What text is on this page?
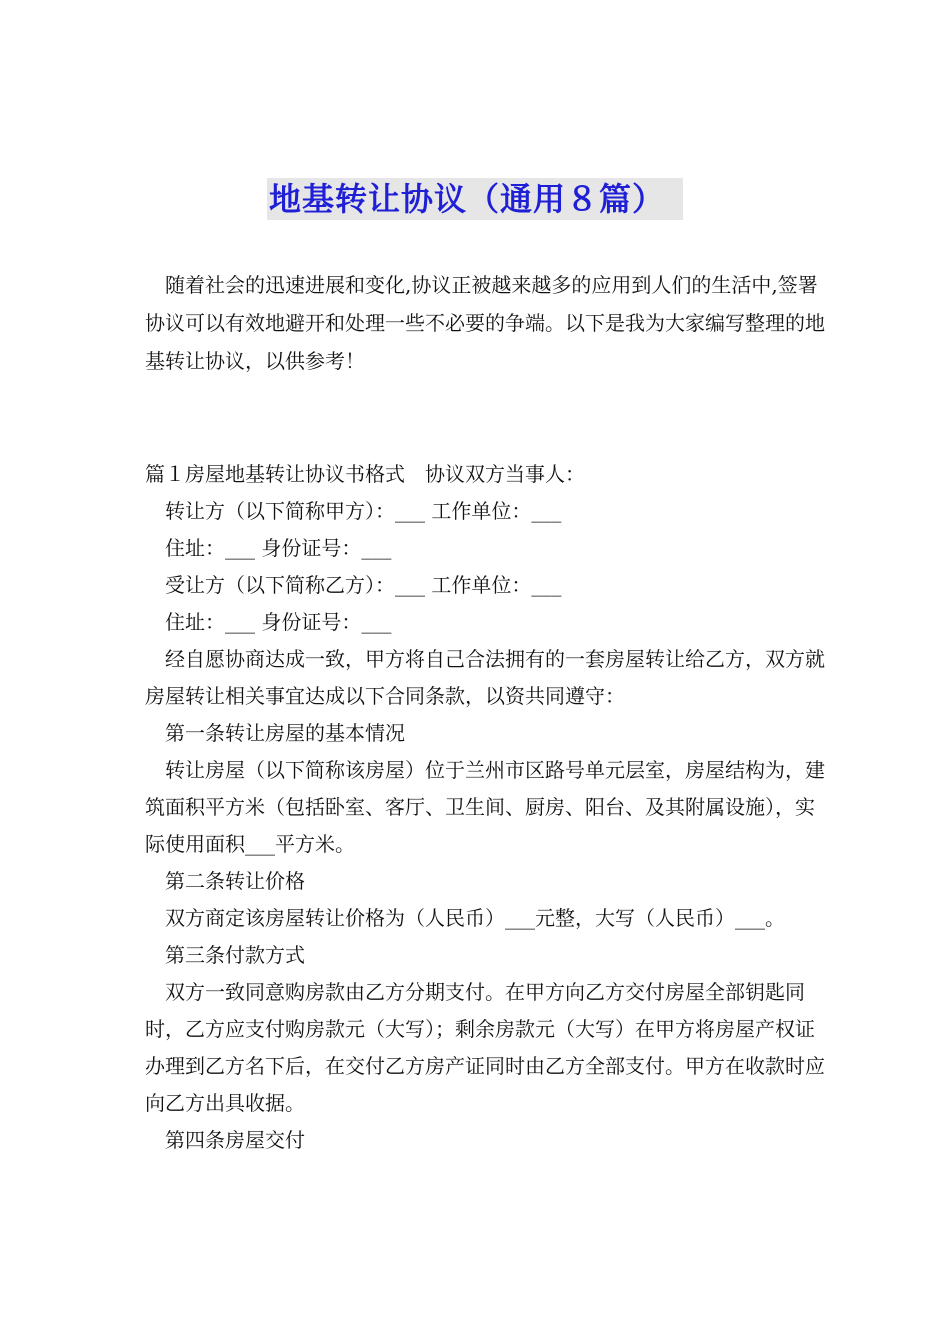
地基转让协议（通用８篇）

随着社会的迅速进展和变化,协议正被越来越多的应用到人们的生活中,签署协议可以有效地避开和处理一些不必要的争端。以下是我为大家编写整理的地基转让协议，以供参考！

篇１房屋地基转让协议书格式　协议双方当事人：

转让方（以下简称甲方）：___ 工作单位：___

住址：___ 身份证号：___

受让方（以下简称乙方）：___ 工作单位：___

住址：___ 身份证号：___

经自愿协商达成一致，甲方将自己合法拥有的一套房屋转让给乙方，双方就房屋转让相关事宜达成以下合同条款，以资共同遵守：

第一条转让房屋的基本情况

转让房屋（以下简称该房屋）位于兰州市区路号单元层室，房屋结构为，建筑面积平方米（包括卧室、客厅、卫生间、厨房、阳台、及其附属设施），实际使用面积___平方米。

第二条转让价格

双方商定该房屋转让价格为（人民币）___元整，大写（人民币）___。

第三条付款方式

双方一致同意购房款由乙方分期支付。在甲方向乙方交付房屋全部钥匙同时，乙方应支付购房款元（大写）；剩余房款元（大写）在甲方将房屋产权证办理到乙方名下后，在交付乙方房产证同时由乙方全部支付。甲方在收款时应向乙方出具收据。

第四条房屋交付
